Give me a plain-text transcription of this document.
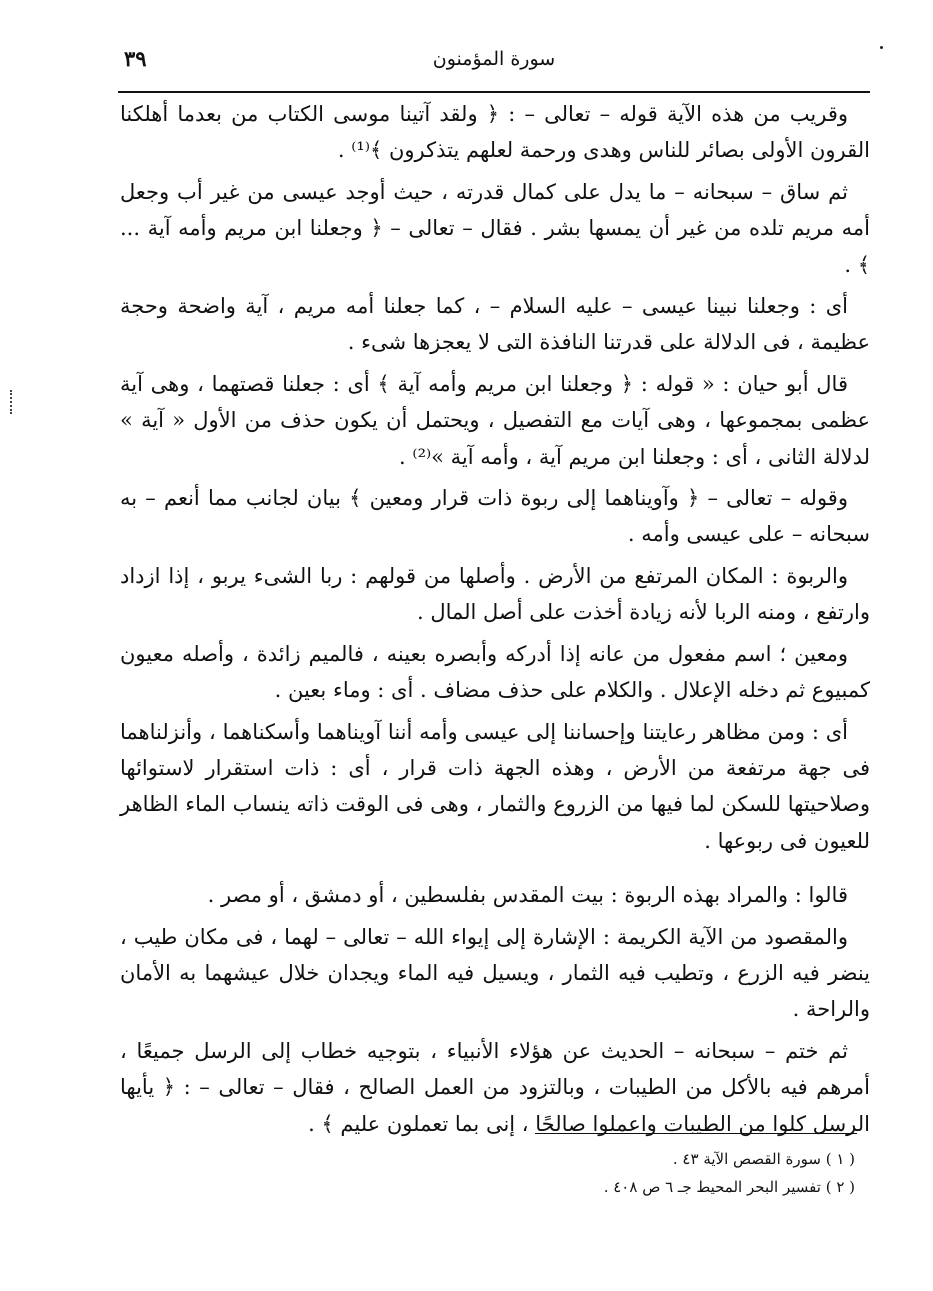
٣٩	سورة المؤمنون

وقريب من هذه الآية قوله – تعالى – : ﴿ ولقد آتينا موسى الكتاب من بعدما أهلكنا القرون الأولى بصائر للناس وهدى ورحمة لعلهم يتذكرون ﴾⁽¹⁾ .

ثم ساق – سبحانه – ما يدل على كمال قدرته ، حيث أوجد عيسى من غير أب وجعل أمه مريم تلده من غير أن يمسها بشر . فقال – تعالى – ﴿ وجعلنا ابن مريم وأمه آية ... ﴾ .

أى : وجعلنا نبينا عيسى – عليه السلام – ، كما جعلنا أمه مريم ، آية واضحة وحجة عظيمة ، فى الدلالة على قدرتنا النافذة التى لا يعجزها شىء .

قال أبو حيان : « قوله : ﴿ وجعلنا ابن مريم وأمه آية ﴾ أى : جعلنا قصتهما ، وهى آية عظمى بمجموعها ، وهى آيات مع التفصيل ، ويحتمل أن يكون حذف من الأول « آية » لدلالة الثانى ، أى : وجعلنا ابن مريم آية ، وأمه آية »⁽²⁾ .

وقوله – تعالى – ﴿ وآويناهما إلى ربوة ذات قرار ومعين ﴾ بيان لجانب مما أنعم – به سبحانه – على عيسى وأمه .

والربوة : المكان المرتفع من الأرض . وأصلها من قولهم : ربا الشىء يربو ، إذا ازداد وارتفع ، ومنه الربا لأنه زيادة أخذت على أصل المال .

ومعين ؛ اسم مفعول من عانه إذا أدركه وأبصره بعينه ، فالميم زائدة ، وأصله معيون كمبيوع ثم دخله الإعلال . والكلام على حذف مضاف . أى : وماء بعين .

أى : ومن مظاهر رعايتنا وإحساننا إلى عيسى وأمه أننا آويناهما وأسكناهما ، وأنزلناهما فى جهة مرتفعة من الأرض ، وهذه الجهة ذات قرار ، أى : ذات استقرار لاستوائها وصلاحيتها للسكن لما فيها من الزروع والثمار ، وهى فى الوقت ذاته ينساب الماء الظاهر للعيون فى ربوعها .

قالوا : والمراد بهذه الربوة : بيت المقدس بفلسطين ، أو دمشق ، أو مصر .

والمقصود من الآية الكريمة : الإشارة إلى إيواء الله – تعالى – لهما ، فى مكان طيب ، ينضر فيه الزرع ، وتطيب فيه الثمار ، ويسيل فيه الماء ويجدان خلال عيشهما به الأمان والراحة .

ثم ختم – سبحانه – الحديث عن هؤلاء الأنبياء ، بتوجيه خطاب إلى الرسل جميعًا ، أمرهم فيه بالأكل من الطيبات ، وبالتزود من العمل الصالح ، فقال – تعالى – : ﴿ يأيها الرسل كلوا من الطيبات واعملوا صالحًا ، إنى بما تعملون عليم ﴾ .

( ١ ) سورة القصص الآية ٤٣ .

( ٢ ) تفسير البحر المحيط جـ ٦ ص ٤٠٨ .
